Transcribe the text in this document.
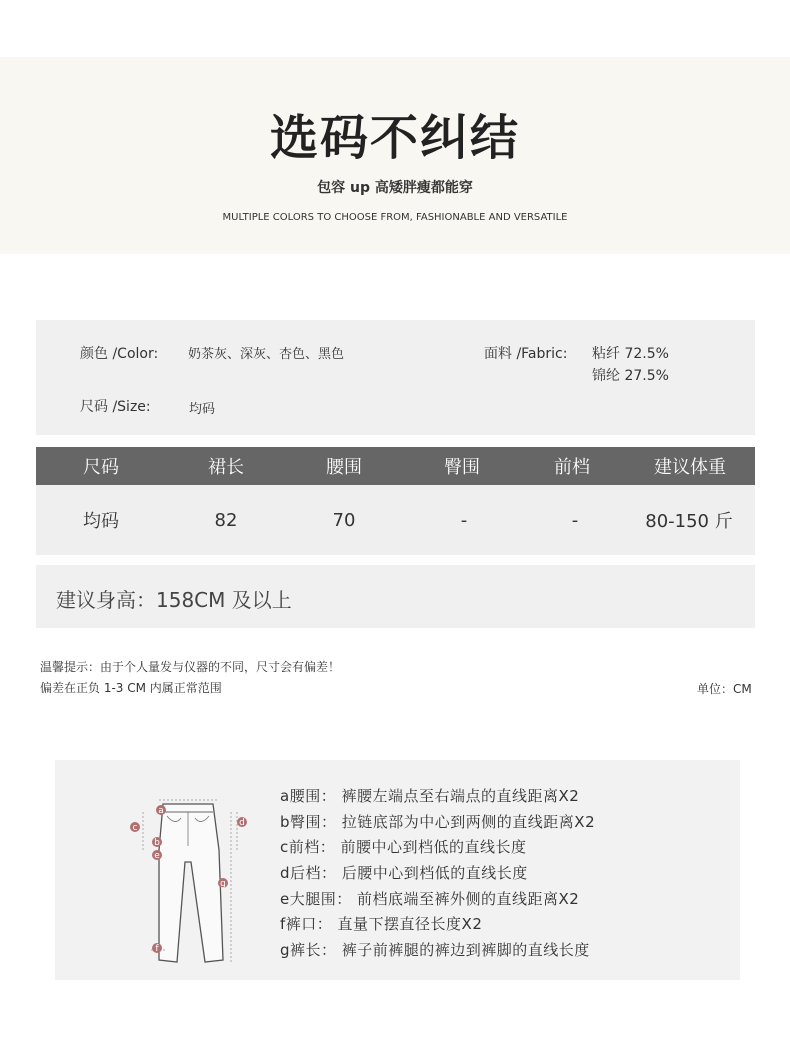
选码不纠结
包容 up 高矮胖瘦都能穿
MULTIPLE COLORS TO CHOOSE FROM, FASHIONABLE AND VERSATILE
颜色 /Color: 奶茶灰、深灰、杏色、黑色
尺码 /Size:	均码
面料 /Fabric: 粘纤 72.5%
锦纶 27.5%
尺码	裙长	腰围	臀围	前档	建议体重
均码	82	70	-	-	80-150 斤
建议身高：158CM 及以上
温馨提示：由于个人量发与仪器的不同，尺寸会有偏差！
偏差在正负 1-3 CM 内属正常范围	单位：CM
a
b
c	d
e
f
g
a腰围： 裤腰左端点至右端点的直线距离X2
b臀围： 拉链底部为中心到两侧的直线距离X2
c前档： 前腰中心到档低的直线长度
d后档： 后腰中心到档低的直线长度
e大腿围： 前档底端至裤外侧的直线距离X2
f裤口： 直量下摆直径长度X2
g裤长： 裤子前裤腿的裤边到裤脚的直线长度
